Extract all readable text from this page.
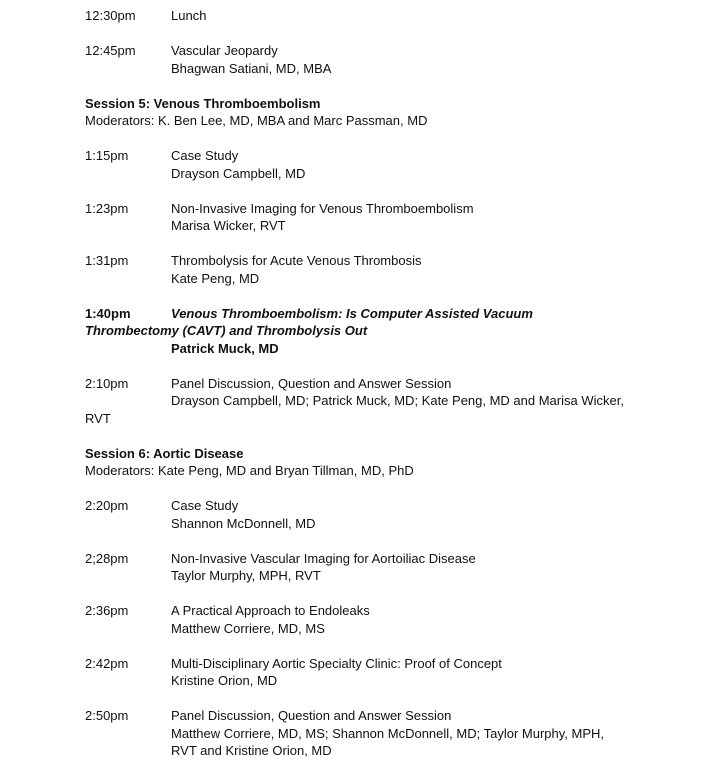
12:30pm	Lunch
12:45pm	Vascular Jeopardy
Bhagwan Satiani, MD, MBA
Session 5: Venous Thromboembolism
Moderators: K. Ben Lee, MD, MBA and Marc Passman, MD
1:15pm	Case Study
Drayson Campbell, MD
1:23pm	Non-Invasive Imaging for Venous Thromboembolism
Marisa Wicker, RVT
1:31pm	Thrombolysis for Acute Venous Thrombosis
Kate Peng, MD
1:40pm	Venous Thromboembolism: Is Computer Assisted Vacuum
Thrombectomy (CAVT) and Thrombolysis Out
Patrick Muck, MD
2:10pm	Panel Discussion, Question and Answer Session
Drayson Campbell, MD; Patrick Muck, MD; Kate Peng, MD and Marisa Wicker,
RVT
Session 6: Aortic Disease
Moderators: Kate Peng, MD and Bryan Tillman, MD, PhD
2:20pm	Case Study
Shannon McDonnell, MD
2;28pm	Non-Invasive Vascular Imaging for Aortoiliac Disease
Taylor Murphy, MPH, RVT
2:36pm	A Practical Approach to Endoleaks
Matthew Corriere, MD, MS
2:42pm	Multi-Disciplinary Aortic Specialty Clinic: Proof of Concept
Kristine Orion, MD
2:50pm	Panel Discussion, Question and Answer Session
Matthew Corriere, MD, MS; Shannon McDonnell, MD; Taylor Murphy, MPH,
RVT and Kristine Orion, MD
